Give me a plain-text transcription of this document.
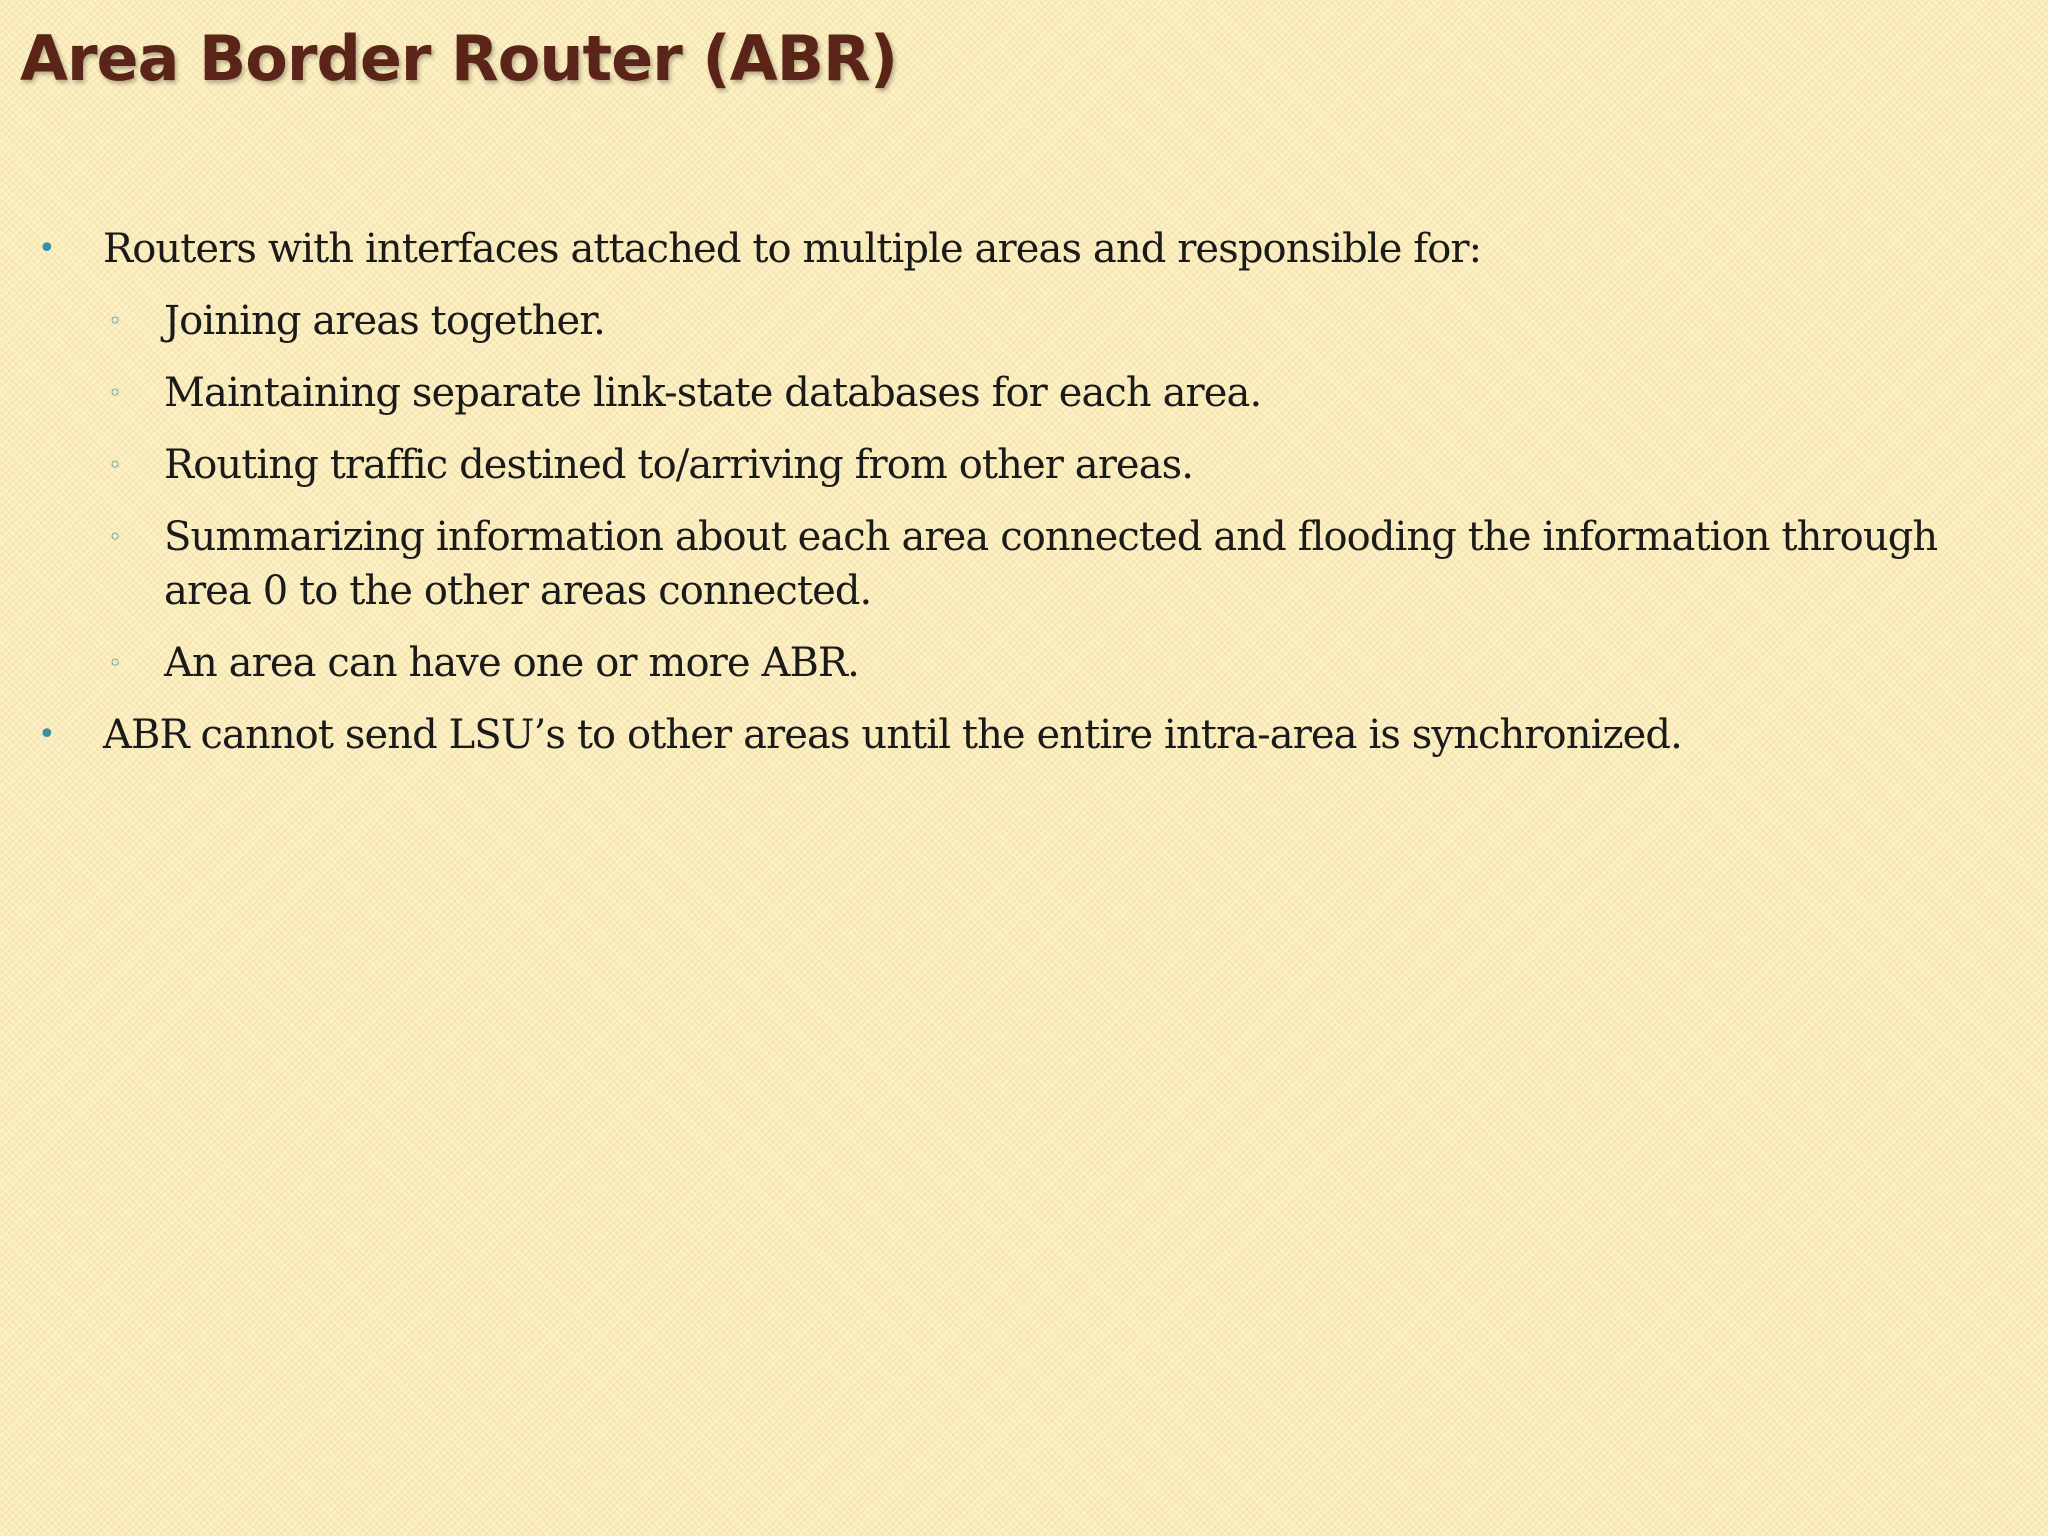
Area Border Router (ABR)
• Routers with interfaces attached to multiple areas and responsible for:
◦ Joining areas together.
◦ Maintaining separate link-state databases for each area.
◦ Routing traffic destined to/arriving from other areas.
◦ Summarizing information about each area connected and flooding the information through area 0 to the other areas connected.
◦ An area can have one or more ABR.
• ABR cannot send LSU’s to other areas until the entire intra-area is synchronized.
